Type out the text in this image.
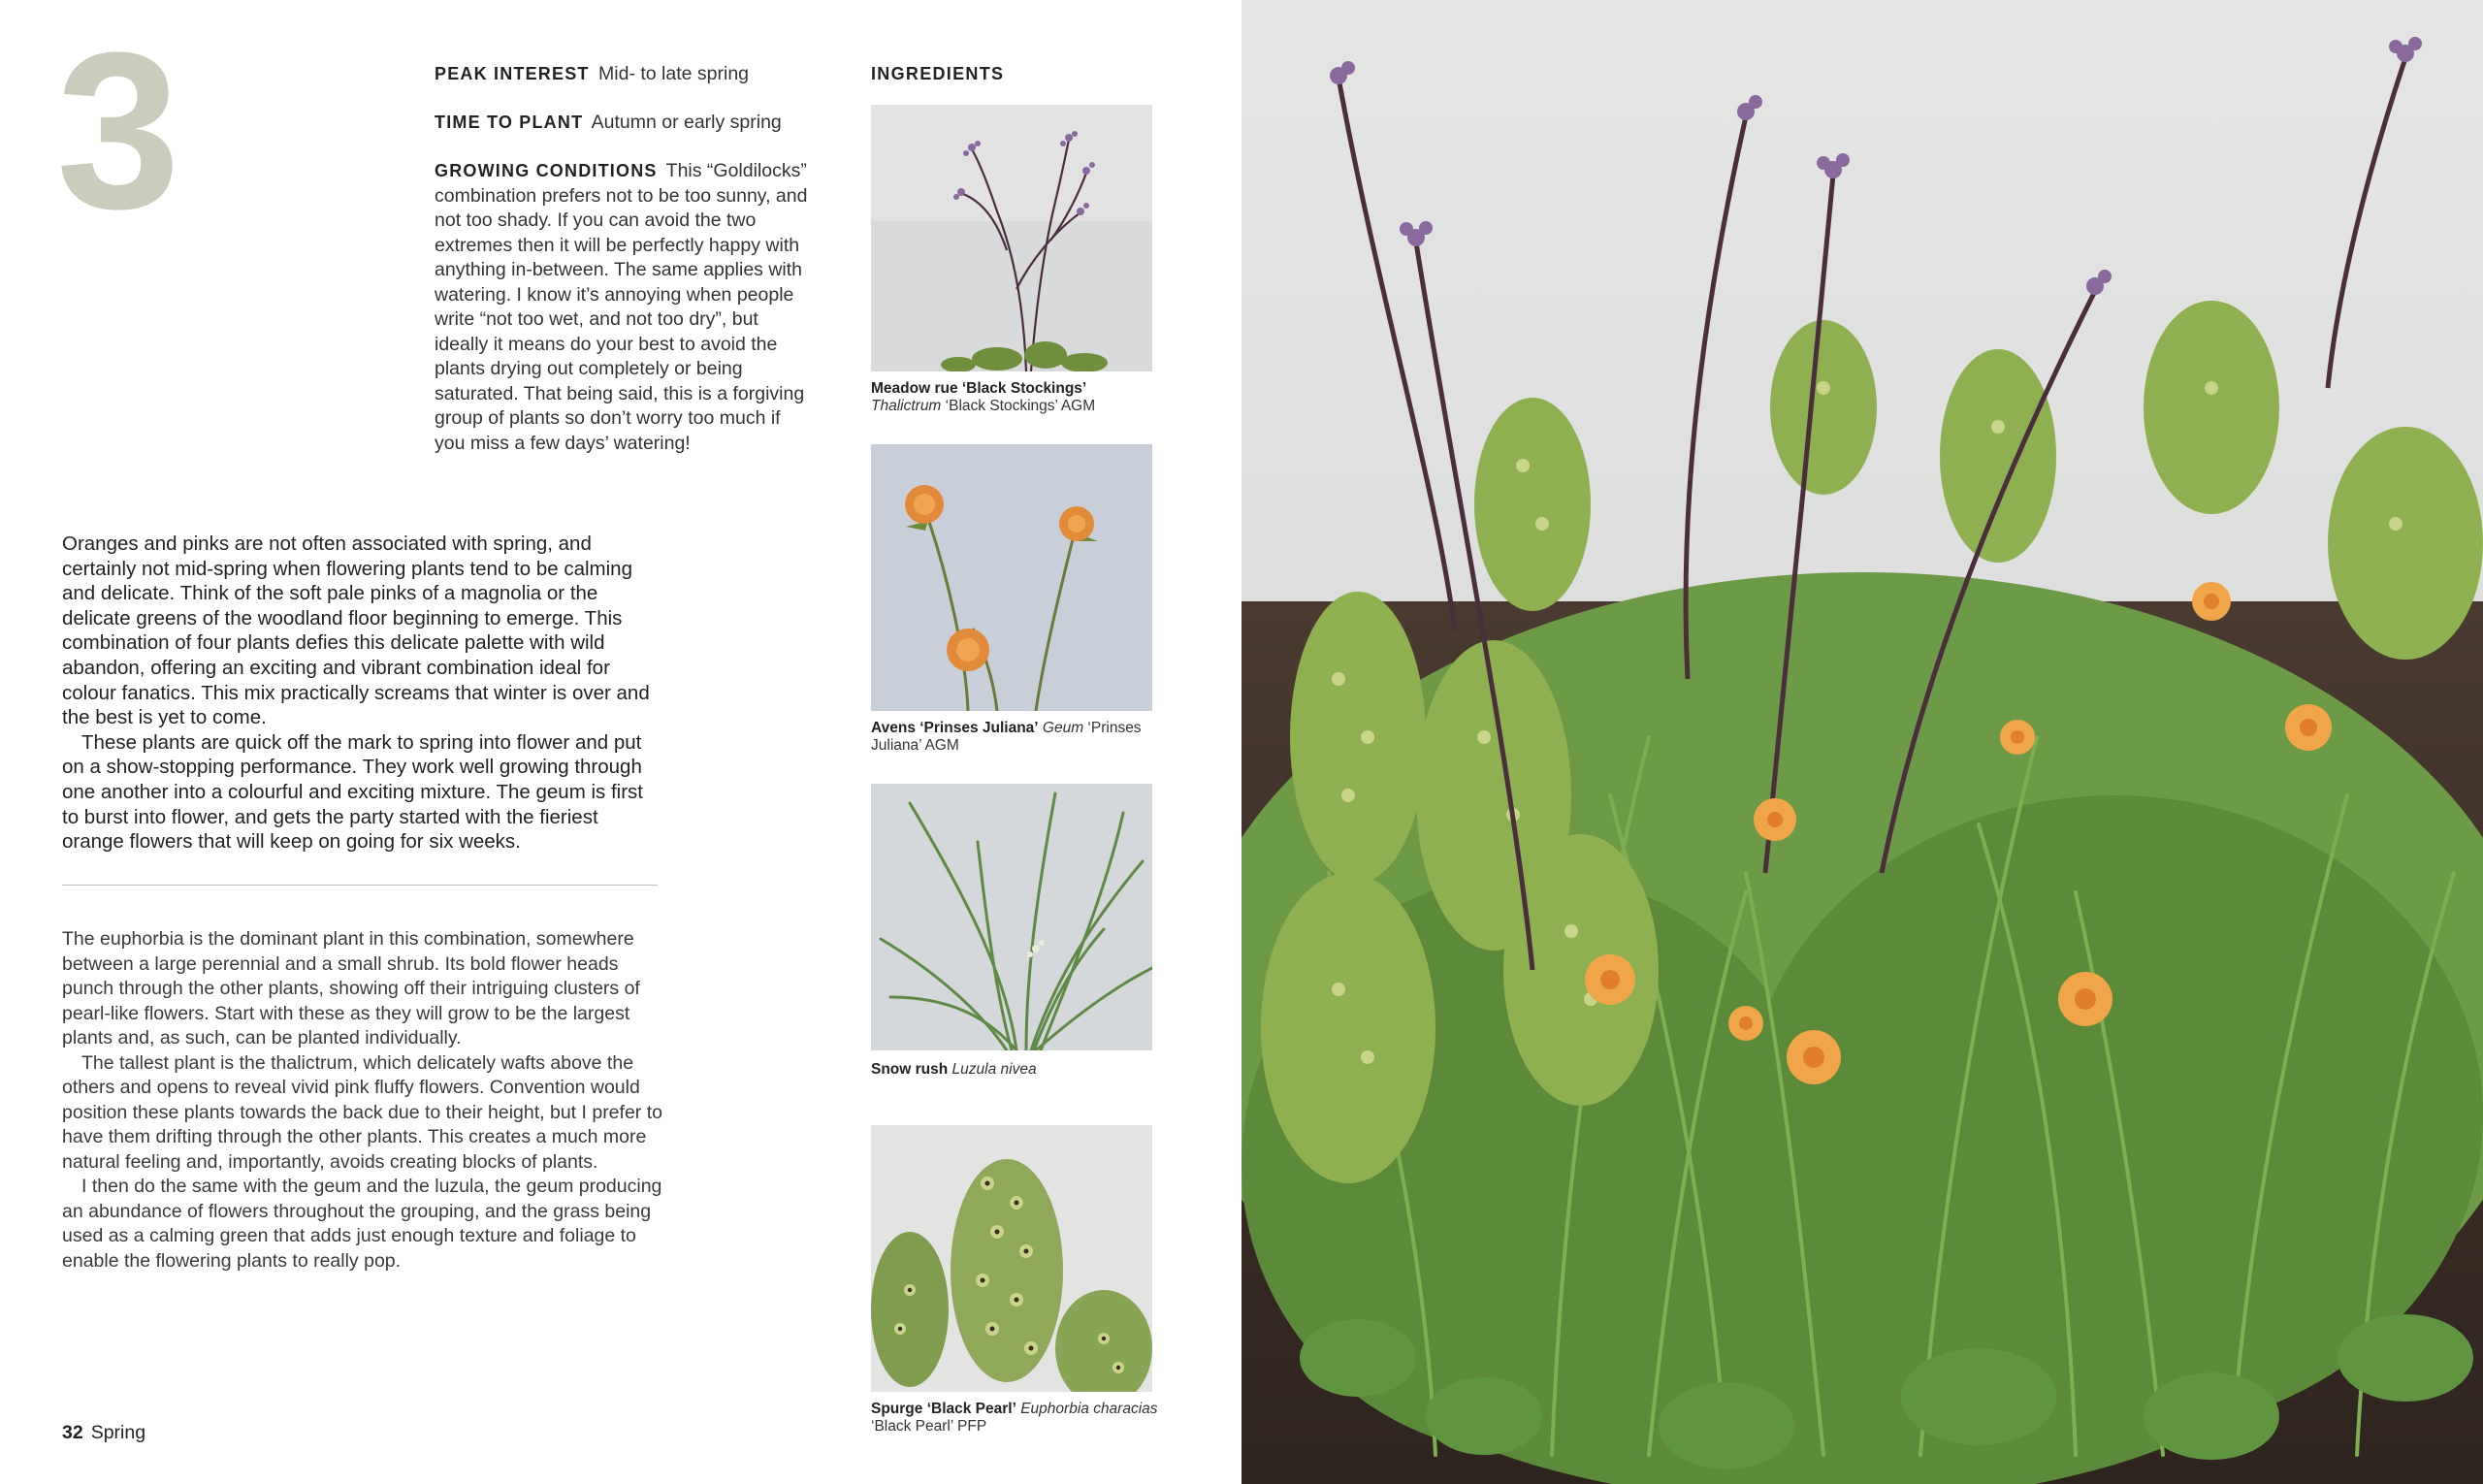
3	PEAK INTEREST Mid- to late spring
TIME TO PLANT Autumn or early spring
GROWING CONDITIONS This “Goldilocks” combination prefers not to be too sunny, and not too shady. If you can avoid the two extremes then it will be perfectly happy with anything in-between. The same applies with watering. I know it’s annoying when people write “not too wet, and not too dry”, but ideally it means do your best to avoid the plants drying out completely or being saturated. That being said, this is a forgiving group of plants so don’t worry too much if you miss a few days’ watering!

Oranges and pinks are not often associated with spring, and certainly not mid-spring when flowering plants tend to be calming and delicate. Think of the soft pale pinks of a magnolia or the delicate greens of the woodland floor beginning to emerge. This combination of four plants defies this delicate palette with wild abandon, offering an exciting and vibrant combination ideal for colour fanatics. This mix practically screams that winter is over and the best is yet to come.

These plants are quick off the mark to spring into flower and put on a show-stopping performance. They work well growing through one another into a colourful and exciting mixture. The geum is first to burst into flower, and gets the party started with the fieriest orange flowers that will keep on going for six weeks.

The euphorbia is the dominant plant in this combination, somewhere between a large perennial and a small shrub. Its bold flower heads punch through the other plants, showing off their intriguing clusters of pearl-like flowers. Start with these as they will grow to be the largest plants and, as such, can be planted individually.

The tallest plant is the thalictrum, which delicately wafts above the others and opens to reveal vivid pink fluffy flowers. Convention would position these plants towards the back due to their height, but I prefer to have them drifting through the other plants. This creates a much more natural feeling and, importantly, avoids creating blocks of plants.

I then do the same with the geum and the luzula, the geum producing an abundance of flowers throughout the grouping, and the grass being used as a calming green that adds just enough texture and foliage to enable the flowering plants to really pop.

INGREDIENTS
Meadow rue ‘Black Stockings’
Thalictrum ‘Black Stockings’ AGM
Avens ‘Prinses Juliana’ Geum ‘Prinses Juliana’ AGM
Snow rush Luzula nivea
Spurge ‘Black Pearl’ Euphorbia characias ‘Black Pearl’ PFP
32 Spring
